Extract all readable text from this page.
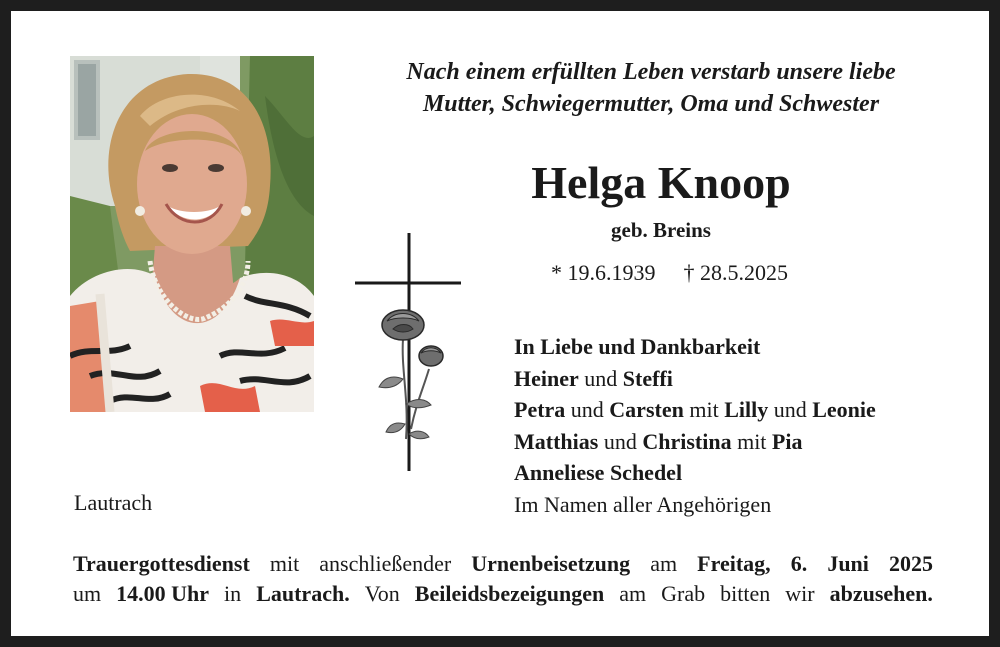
Nach einem erfüllten Leben verstarb unsere liebe
Mutter, Schwiegermutter, Oma und Schwester
Helga Knoop
geb. Breins
* 19.6.1939 † 28.5.2025
In Liebe und Dankbarkeit
Heiner und Steffi
Petra und Carsten mit Lilly und Leonie
Matthias und Christina mit Pia
Anneliese Schedel
Im Namen aller Angehörigen
Lautrach
Trauergottesdienst mit anschließender Urnenbeisetzung am Freitag, 6. Juni 2025
um 14.00 Uhr in Lautrach. Von Beileidsbezeigungen am Grab bitten wir abzusehen.
